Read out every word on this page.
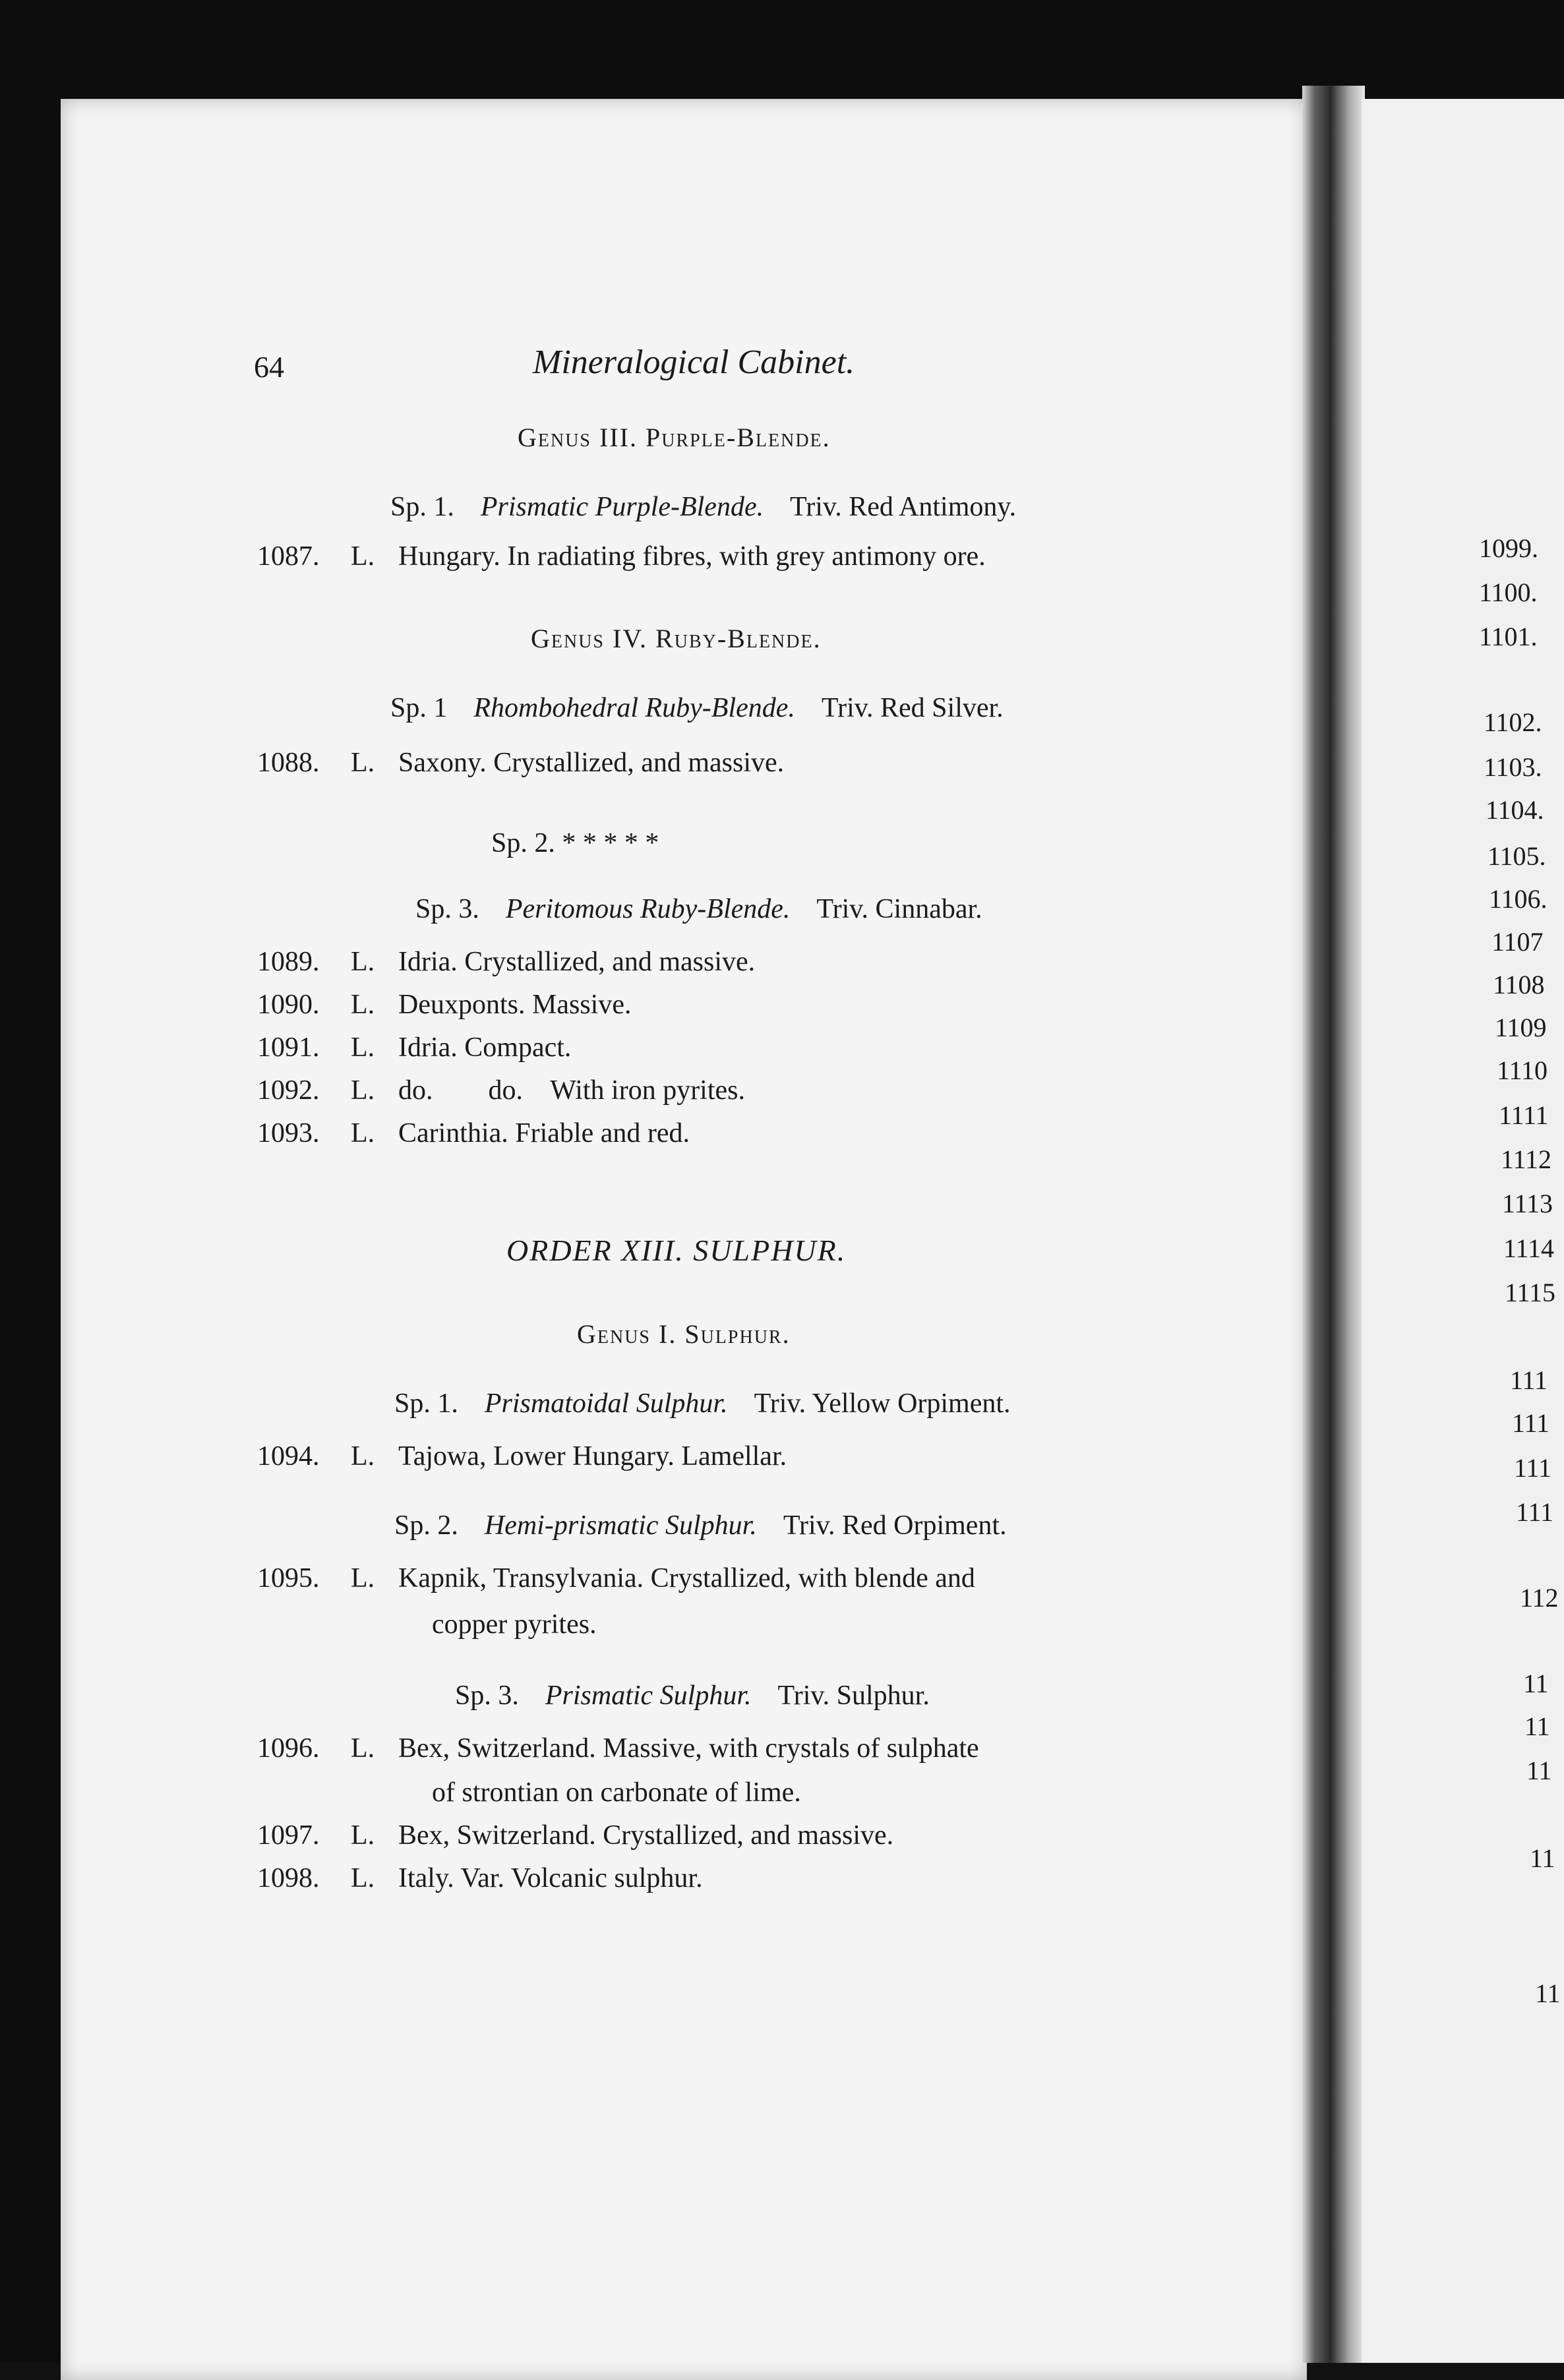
64	Mineralogical Cabinet.
Genus III. Purple-Blende.
Sp. 1. Prismatic Purple-Blende. Triv. Red Antimony.
1087. L. Hungary. In radiating fibres, with grey antimony ore.
Genus IV. Ruby-Blende.
Sp. 1 Rhombohedral Ruby-Blende. Triv. Red Silver.
1088. L. Saxony. Crystallized, and massive.
Sp. 2. * * * * *
Sp. 3. Peritomous Ruby-Blende. Triv. Cinnabar.
1089. L. Idria. Crystallized, and massive.
1090. L. Deuxponts. Massive.
1091. L. Idria. Compact.
1092. L. do.        do.    With iron pyrites.
1093. L. Carinthia. Friable and red.
ORDER XIII. SULPHUR.
Genus I. Sulphur.
Sp. 1. Prismatoidal Sulphur. Triv. Yellow Orpiment.
1094. L. Tajowa, Lower Hungary. Lamellar.
Sp. 2. Hemi-prismatic Sulphur. Triv. Red Orpiment.
1095. L. Kapnik, Transylvania. Crystallized, with blende and
copper pyrites.
Sp. 3. Prismatic Sulphur. Triv. Sulphur.
1096. L. Bex, Switzerland. Massive, with crystals of sulphate
of strontian on carbonate of lime.
1097. L. Bex, Switzerland. Crystallized, and massive.
1098. L. Italy. Var. Volcanic sulphur.
1099.
1100.
1101.
1102.
1103.
1104.
1105.
1106.
1107
1108
1109
1110
1111
1112
1113
1114
1115
111
111
111
111
112
11
11
11
11
11
